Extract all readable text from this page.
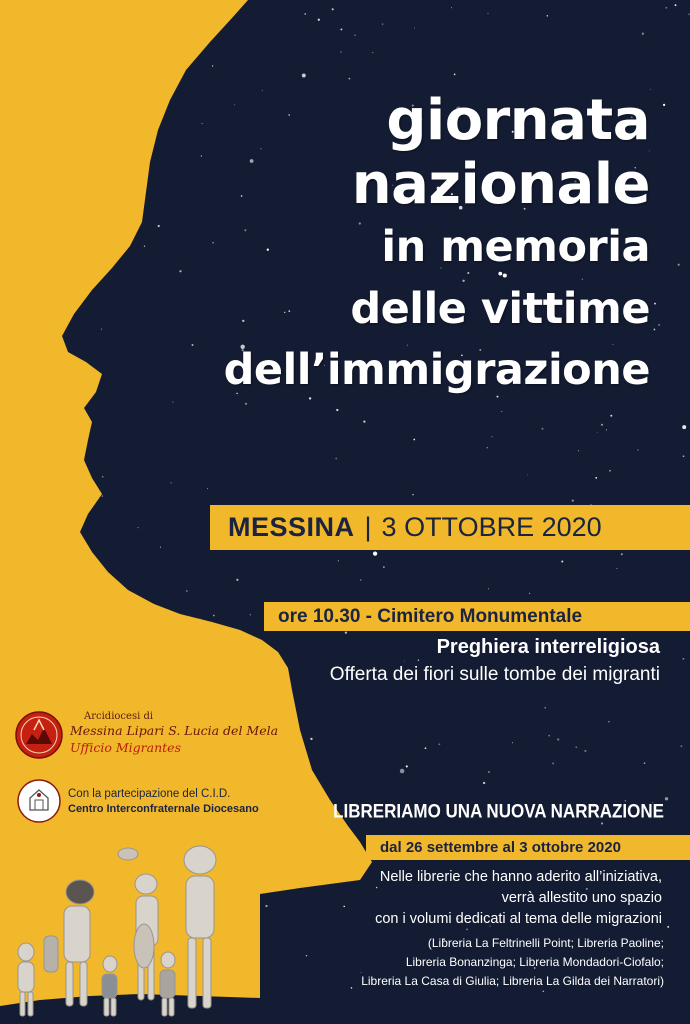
giornata
nazionale
in memoria
delle vittime
dell’immigrazione
MESSINA | 3 OTTOBRE 2020
ore 10.30 - Cimitero Monumentale
Preghiera interreligiosa
Offerta dei fiori sulle tombe dei migranti
Arcidiocesi di
Messina Lipari S. Lucia del Mela
Ufficio Migrantes
Con la partecipazione del C.I.D.
Centro Interconfraternale Diocesano	LIBRERIAMO UNA NUOVA NARRAZIONE
dal 26 settembre al 3 ottobre 2020
Nelle librerie che hanno aderito all’iniziativa,
verrà allestito uno spazio
con i volumi dedicati al tema delle migrazioni
(Libreria La Feltrinelli Point; Libreria Paoline;
Libreria Bonanzinga; Libreria Mondadori-Ciofalo;
Libreria La Casa di Giulia; Libreria La Gilda dei Narratori)
